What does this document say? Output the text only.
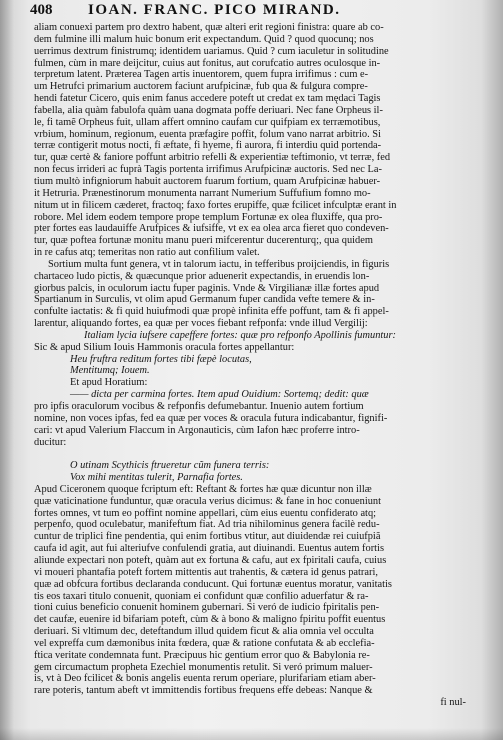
408 IOAN. FRANC. PICO MIRAND.
aliam conuexi partem pro dextro habent, quæ alteri erit regioni finistra: quare ab co-
dem fulmine illi malum huic bonum erit expectandum. Quid ? quod quocunq; nos
uerrimus dextrum finistrumq; identidem uariamus. Quid ? cum iaculetur in solitudine
fulmen, cùm in mare deijcitur, cuius aut fonitus, aut corufcatio autres oculosque in-
terpretum latent. Præterea Tagen artis inuentorem, quem fupra irrifimus : cum e-
um Hetrufci primarium auctorem faciunt arufpicinæ, fub qua & fulgura compre-
hendi fatetur Cicero, quis enim fanus accedere poteft ut credat ex tam mędaci Tagis
fabella, alia quàm fabulofa quàm uana dogmata poffe deriuari. Nec fane Orpheus il-
le, fi tamẽ Orpheus fuit, ullam affert omnino caufam cur quifpiam ex terræmotibus,
vrbium, hominum, regionum, euenta præfagire poffit, folum vano narrat arbitrio. Si
terræ contigerit motus nocti, fi æftate, fi hyeme, fi aurora, fi interdiu quid portenda-
tur, quæ certè & faniore poffunt arbitrio refelli & experientiæ teftimonio, vt terræ, fed
non fecus irrideri ac fuprà Tagis portenta irrifimus Arufpicinæ auctoris. Sed nec La-
tium multò infigniorum habuit auctorem fuarum fortium, quam Arufpicinæ habuer-
it Hetruria. Prænestinorum monumenta narrant Numerium Suffufium fomno mo-
nitum ut in filicem cæderet, fractoq; faxo fortes erupiffe, quæ fcilicet infculptæ erant in
robore. Mel idem eodem tempore prope templum Fortunæ ex olea fluxiffe, qua pro-
pter fortes eas laudauiffe Arufpices & iufsiffe, vt ex ea olea arca fieret quo condeven-
tur, quæ poftea fortunæ monitu manu pueri mifcerentur ducerenturq;, qua quidem
in re cafus atq; temeritas non ratio aut confilium valet.
Sortium multa funt genera, vt in talorum iactu, in tefferibus proijciendis, in figuris
chartaceo ludo pictis, & quæcunque prior aduenerit expectandis, in eruendis lon-
giorbus palcis, in oculorum iactu fuper paginis. Vnde & Virgilianæ illæ fortes apud
Spartianum in Surculis, vt olim apud Germanum fuper candida vefte temere & in-
confulte iactatis: & fi quid huiufmodi quæ propè infinita effe poffunt, tam & fi appel-
larentur, aliquando fortes, ea quæ per voces fiebant refponfa: vnde illud Vergilij:
Italiam lycia iufsere capeffere fortes: quæ pro refponfo Apollinis fumuntur:
Sic & apud Silium Iouis Hammonis oracula fortes appellantur:
Heu fruftra reditum fortes tibi fæpè locutas,
Mentitumq; Iouem.
Et apud Horatium:
—— dicta per carmina fortes. Item apud Ouidium: Sortemq; dedit: quæ
pro ipfis oraculorum vocibus & refponfis defumebantur. Inuenio autem fortium
nomine, non voces ipfas, fed ea quæ per voces & oracula futura indicabantur, fignifi-
cari: vt apud Valerium Flaccum in Argonauticis, cùm Iafon hæc proferre intro-
ducitur:
O utinam Scythicis ftrueretur cũm funera terris:
Vox mihi mentitas tulerit, Parnafia fortes.
Apud Ciceronem quoque fcriptum eft: Reftant & fortes hæ quæ dicuntur non illæ
quæ vaticinatione funduntur, quæ oracula verius dicimus: & fane in hoc conueniunt
fortes omnes, vt tum eo poffint nomine appellari, cùm eius euentu confiderato atq;
perpenfo, quod oculebatur, manifeftum fiat. Ad tria nihilominus genera facilè redu-
cuntur de triplici fine pendentia, qui enim fortibus vtitur, aut diuidendæ rei cuiufpiã
caufa id agit, aut fui alteriufve confulendi gratia, aut diuinandi. Euentus autem fortis
aliunde expectari non poteft, quàm aut ex fortuna & cafu, aut ex fpiritali caufa, cuius
vi moueri phantafia poteft fortem mittentis aut trahentis, & cætera id genus patrari,
quæ ad obfcura fortibus declaranda conducunt. Qui fortunæ euentus moratur, vanitatis
tis eos taxari titulo conuenit, quoniam ei confidunt quæ confilio aduerfatur & ra-
tioni cuius beneficio conuenit hominem gubernari. Si veró de iudicio fpiritalis pen-
det caufæ, euenire id bifariam poteft, cùm & à bono & maligno fpiritu poffit euentus
deriuari. Si vltimum dec, deteftandum illud quidem ficut & alia omnia vel occulta
vel expreffa cum dæmonibus inita fœdera, quæ & ratione confutata & ab ecclefia-
ftica veritate condemnata funt. Præcipuus hic gentium error quo & Babylonia re-
gem circumactum propheta Ezechiel monumentis retulit. Si veró primum maluer-
is, vt à Deo fcilicet & bonis angelis euenta rerum operiare, plurifariam etiam aber-
rare poteris, tantum abeft vt immittendis fortibus frequens effe debeas: Nanque &
fi nul-
